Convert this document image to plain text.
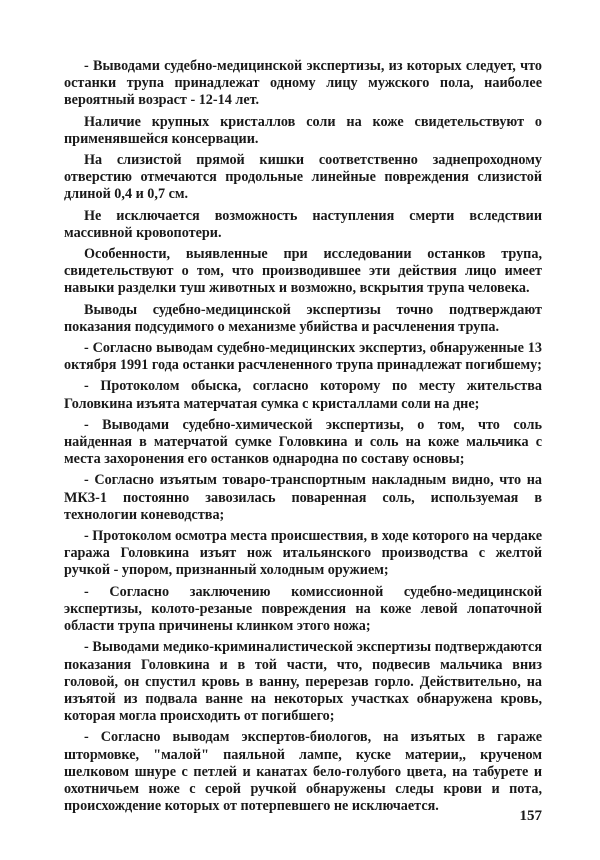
- Выводами судебно-медицинской экспертизы, из которых следует, что останки трупа принадлежат одному лицу мужского пола, наиболее вероятный возраст - 12-14 лет.

Наличие крупных кристаллов соли на коже свидетельствуют о применявшейся консервации.

На слизистой прямой кишки соответственно заднепроходному отверстию отмечаются продольные линейные повреждения слизистой длиной 0,4 и 0,7 см.

Не исключается возможность наступления смерти вследствии массивной кровопотери.

Особенности, выявленные при исследовании останков трупа, свидетельствуют о том, что производившее эти действия лицо имеет навыки разделки туш животных и возможно, вскрытия трупа человека.

Выводы судебно-медицинской экспертизы точно подтверждают показания подсудимого о механизме убийства и расчленения трупа.

- Согласно выводам судебно-медицинских экспертиз, обнаруженные 13 октября 1991 года останки расчлененного трупа принадлежат погибшему;

- Протоколом обыска, согласно которому по месту жительства Головкина изъята матерчатая сумка с кристаллами соли на дне;

- Выводами судебно-химической экспертизы, о том, что соль найденная в матерчатой сумке Головкина и соль на коже мальчика с места захоронения его останков однародна по составу основы;

- Согласно изъятым товаро-транспортным накладным видно, что на МКЗ-1 постоянно завозилась поваренная соль, используемая в технологии коневодства;

- Протоколом осмотра места происшествия, в ходе которого на чердаке гаража Головкина изъят нож итальянского производства с желтой ручкой - упором, признанный холодным оружием;

- Согласно заключению комиссионной судебно-медицинской экспертизы, колото-резаные повреждения на коже левой лопаточной области трупа причинены клинком этого ножа;

- Выводами медико-криминалистической экспертизы подтверждаются показания Головкина и в той части, что, подвесив мальчика вниз головой, он спустил кровь в ванну, перерезав горло. Действительно, на изъятой из подвала ванне на некоторых участках обнаружена кровь, которая могла происходить от погибшего;

- Согласно выводам экспертов-биологов, на изъятых в гараже штормовке, "малой" паяльной лампе, куске материи,, крученом шелковом шнуре с петлей и канатах бело-голубого цвета, на табурете и охотничьем ноже с серой ручкой обнаружены следы крови и пота, происхождение которых от потерпевшего не исключается.

157
